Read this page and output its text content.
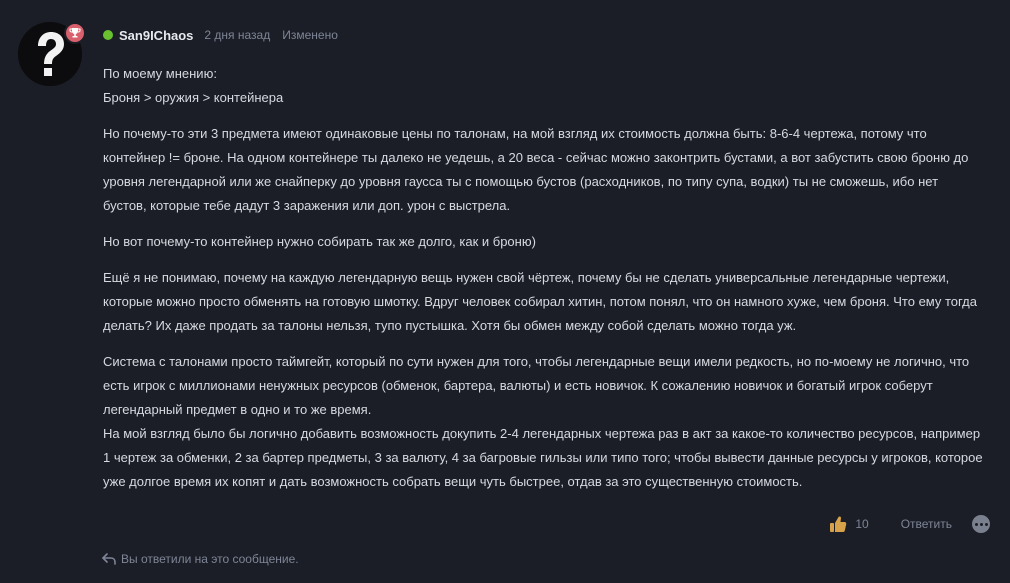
San9IChaos 2 дня назад Изменено

По моему мнению:
Броня > оружия > контейнера

Но почему-то эти 3 предмета имеют одинаковые цены по талонам, на мой взгляд их стоимость должна быть: 8-6-4 чертежа, потому что контейнер != броне. На одном контейнере ты далеко не уедешь, а 20 веса - сейчас можно законтрить бустами, а вот забустить свою броню до уровня легендарной или же снайперку до уровня гаусса ты с помощью бустов (расходников, по типу супа, водки) ты не сможешь, ибо нет бустов, которые тебе дадут 3 заражения или доп. урон с выстрела.

Но вот почему-то контейнер нужно собирать так же долго, как и броню)

Ещё я не понимаю, почему на каждую легендарную вещь нужен свой чёртеж, почему бы не сделать универсальные легендарные чертежи, которые можно просто обменять на готовую шмотку. Вдруг человек собирал хитин, потом понял, что он намного хуже, чем броня. Что ему тогда делать? Их даже продать за талоны нельзя, тупо пустышка. Хотя бы обмен между собой сделать можно тогда уж.

Система с талонами просто таймгейт, который по сути нужен для того, чтобы легендарные вещи имели редкость, но по-моему не логично, что есть игрок с миллионами ненужных ресурсов (обменок, бартера, валюты) и есть новичок. К сожалению новичок и богатый игрок соберут легендарный предмет в одно и то же время.
На мой взгляд было бы логично добавить возможность докупить 2-4 легендарных чертежа раз в акт за какое-то количество ресурсов, например 1 чертеж за обменки, 2 за бартер предметы, 3 за валюту, 4 за багровые гильзы или типо того; чтобы вывести данные ресурсы у игроков, которое уже долгое время их копят и дать возможность собрать вещи чуть быстрее, отдав за это существенную стоимость.

10	Ответить
Вы ответили на это сообщение.
